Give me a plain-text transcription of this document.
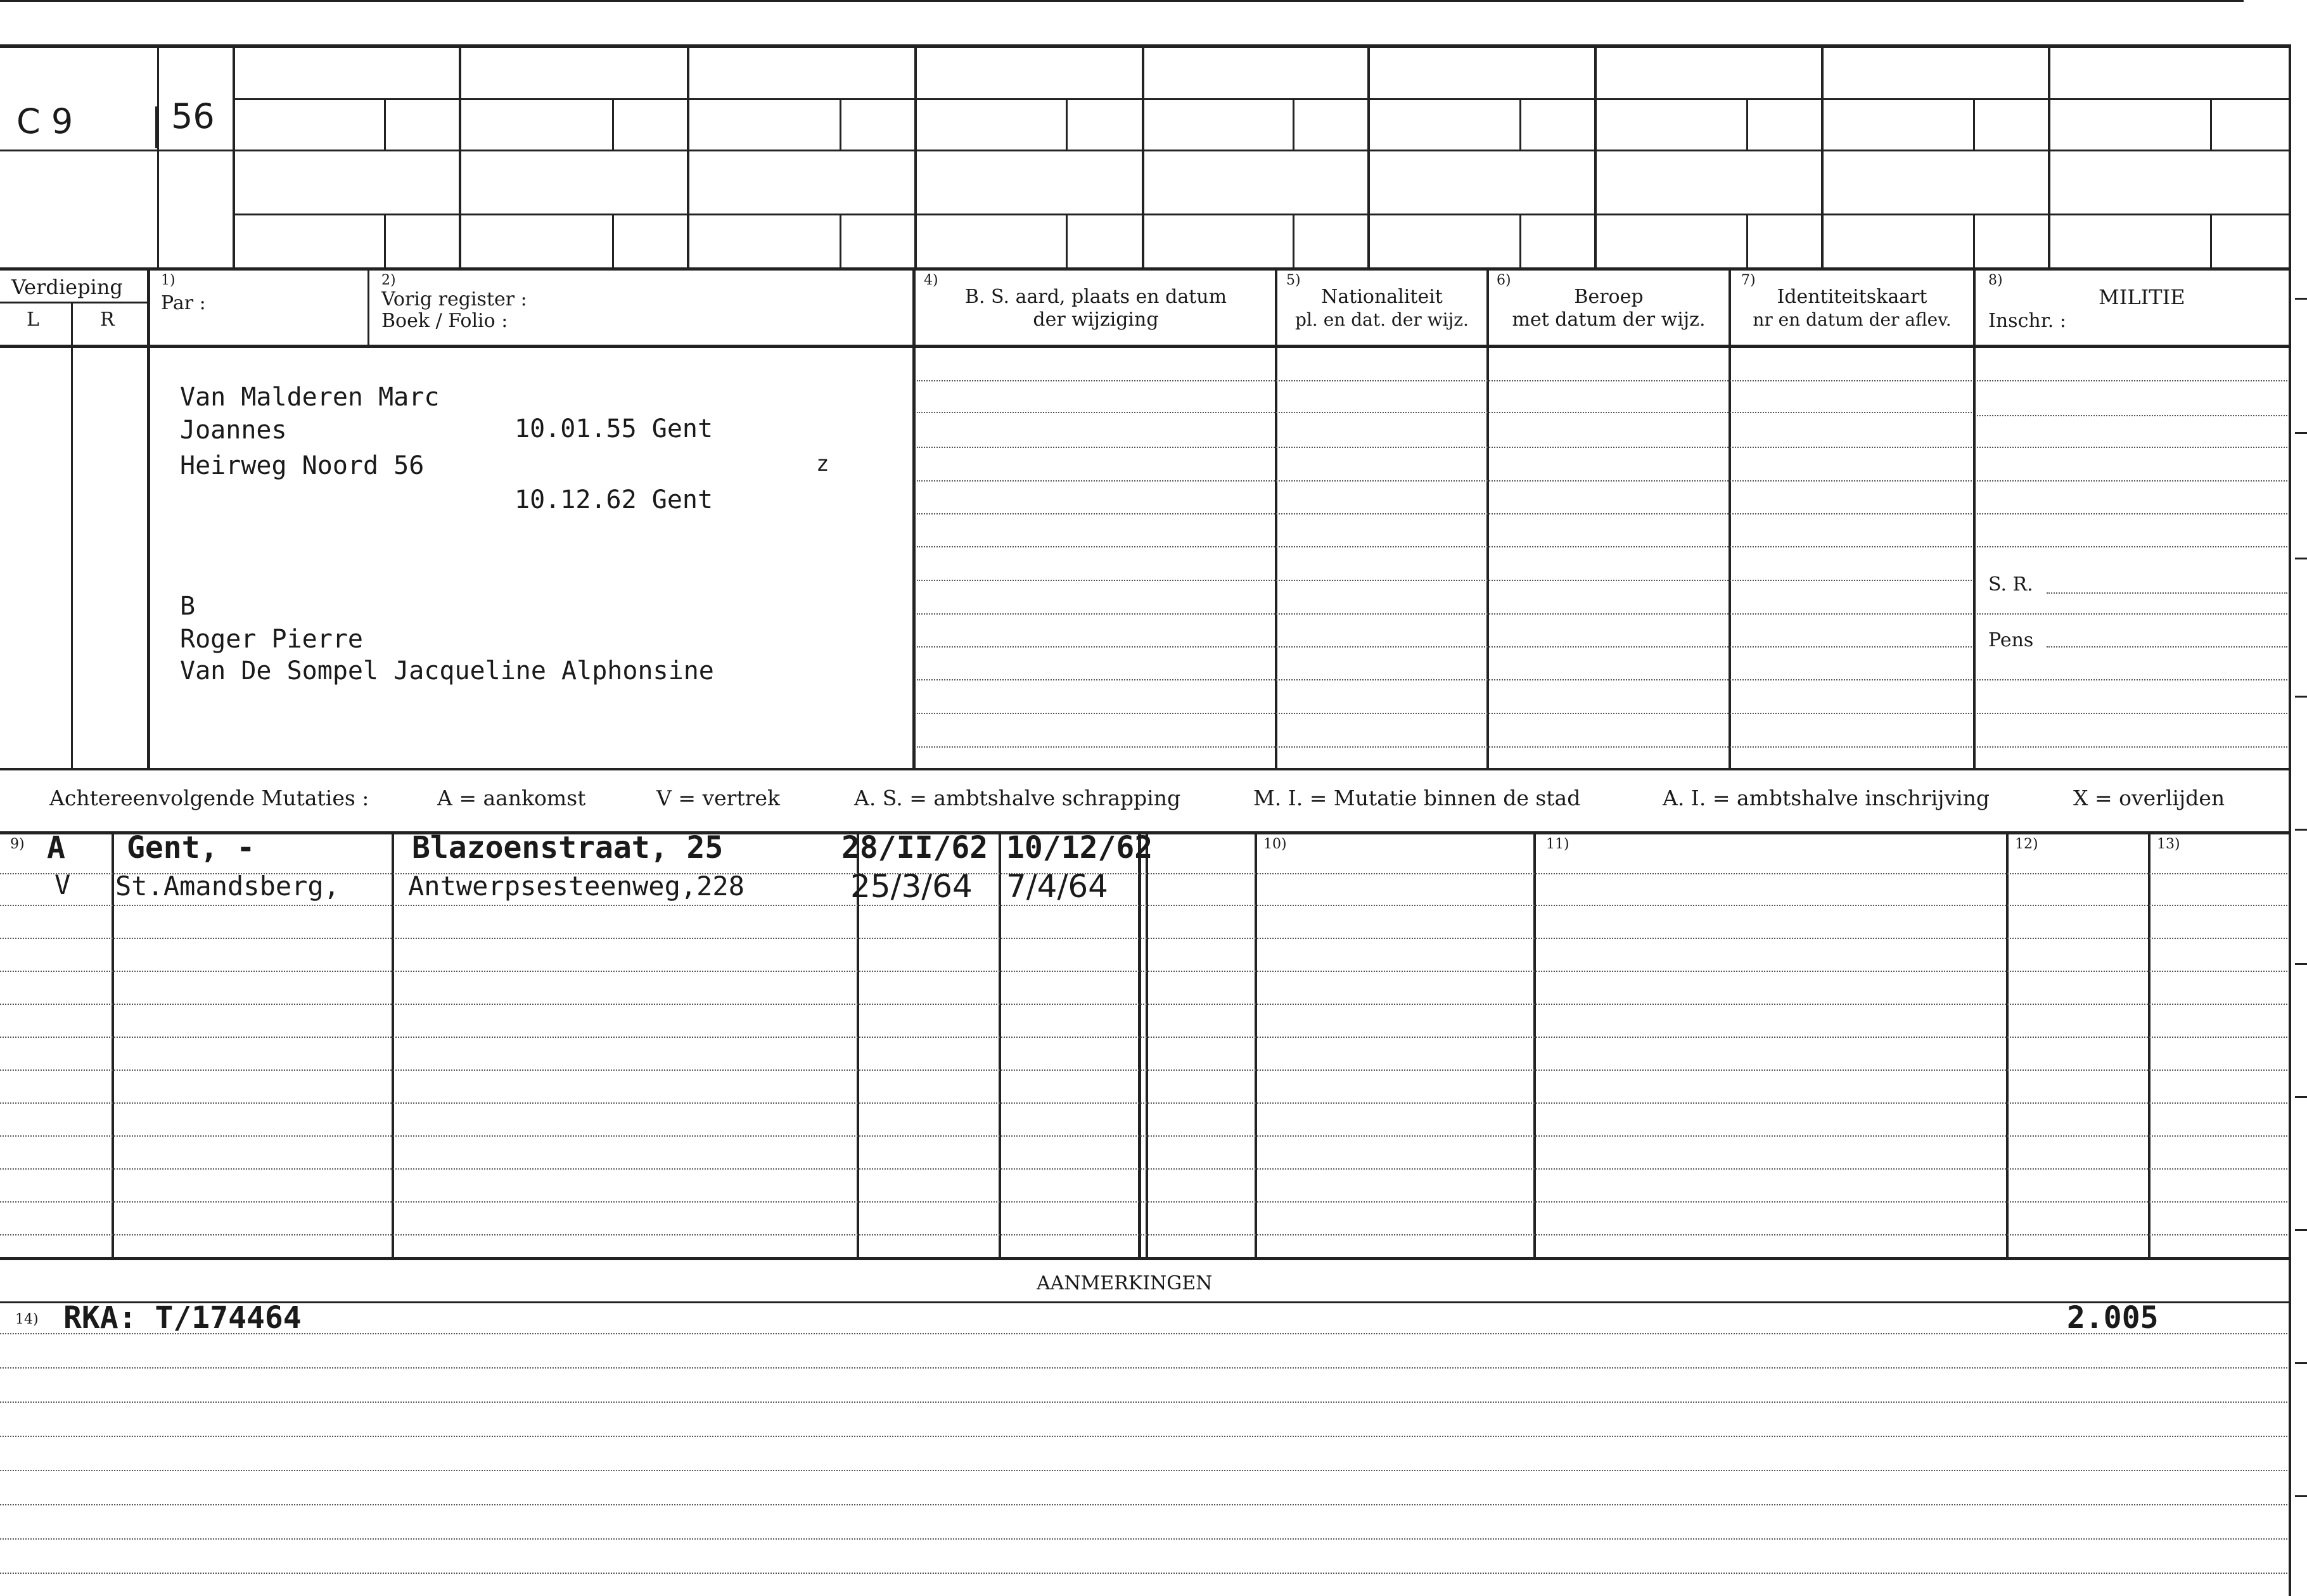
C 9	56
Verdieping
L	R
1)
Par :
2)
Vorig register :
Boek / Folio :
4)
B. S. aard, plaats en datum
der wijziging
5)
Nationaliteit
pl. en dat. der wijz.
6)
Beroep
met datum der wijz.
7)
Identiteitskaart
nr en datum der aflev.
8)
MILITIE
Inschr. :
S. R.
Pens
Van Malderen Marc
Joannes	10.01.55 Gent
Heirweg Noord 56	z
10.12.62 Gent
B
Roger Pierre
Van De Sompel Jacqueline Alphonsine
Achtereenvolgende Mutaties :	A = aankomst	V = vertrek	A. S. = ambtshalve schrapping	M. I. = Mutatie binnen de stad	A. I. = ambtshalve inschrijving	X = overlijden
9)	10)	11)	12)	13)
A Gent, -	Blazoenstraat, 25	28/II/62 10/12/62
V St.Amandsberg,	Antwerpsesteenweg,228	25/3/64 7/4/64
AANMERKINGEN
14) RKA: T/174464	2.005
